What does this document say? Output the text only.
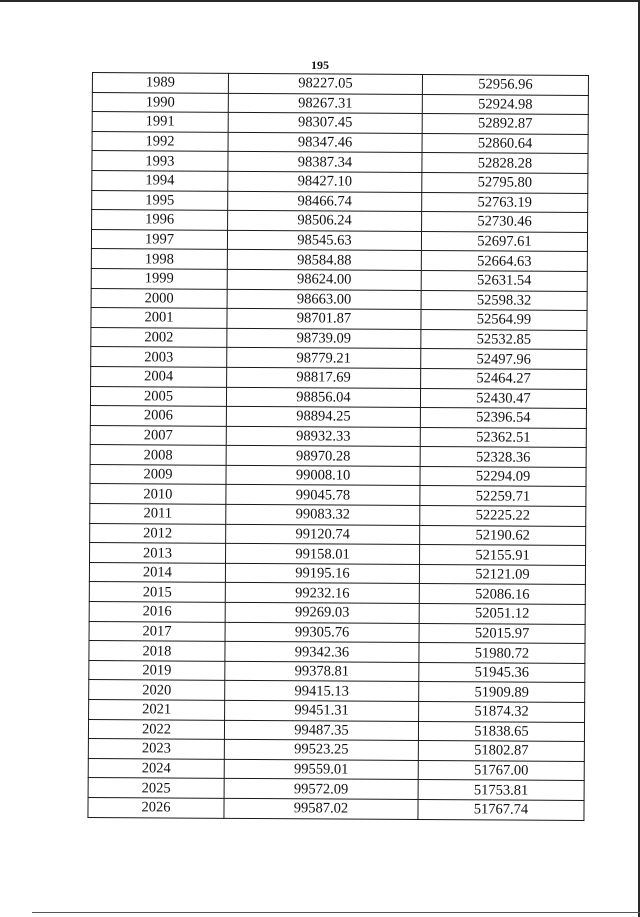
195
1989	98227.05	52956.96
1990	98267.31	52924.98
1991	98307.45	52892.87
1992	98347.46	52860.64
1993	98387.34	52828.28
1994	98427.10	52795.80
1995	98466.74	52763.19
1996	98506.24	52730.46
1997	98545.63	52697.61
1998	98584.88	52664.63
1999	98624.00	52631.54
2000	98663.00	52598.32
2001	98701.87	52564.99
2002	98739.09	52532.85
2003	98779.21	52497.96
2004	98817.69	52464.27
2005	98856.04	52430.47
2006	98894.25	52396.54
2007	98932.33	52362.51
2008	98970.28	52328.36
2009	99008.10	52294.09
2010	99045.78	52259.71
2011	99083.32	52225.22
2012	99120.74	52190.62
2013	99158.01	52155.91
2014	99195.16	52121.09
2015	99232.16	52086.16
2016	99269.03	52051.12
2017	99305.76	52015.97
2018	99342.36	51980.72
2019	99378.81	51945.36
2020	99415.13	51909.89
2021	99451.31	51874.32
2022	99487.35	51838.65
2023	99523.25	51802.87
2024	99559.01	51767.00
2025	99572.09	51753.81
2026	99587.02	51767.74
